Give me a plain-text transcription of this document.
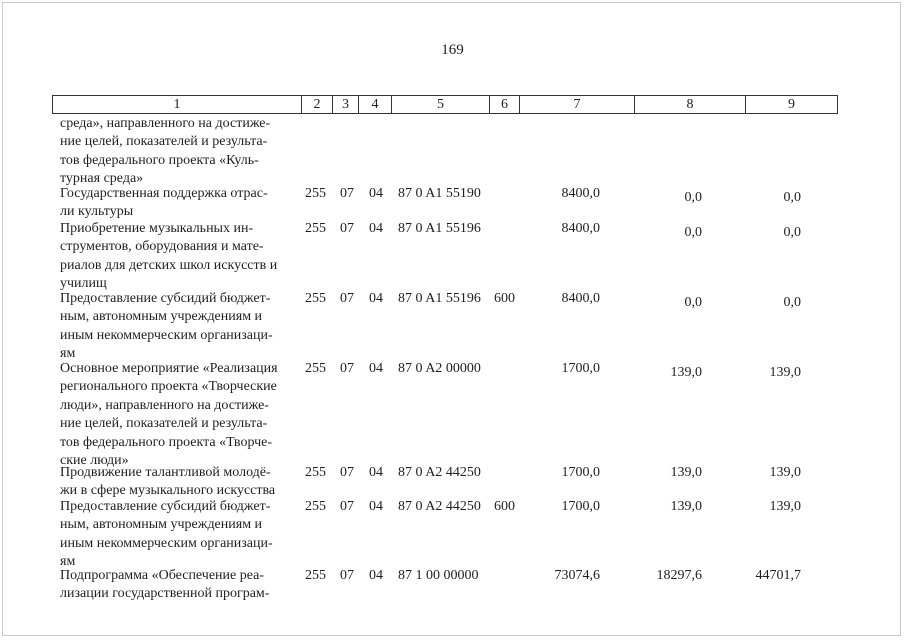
169
1	2	3	4	5	6	7	8	9
среда», направленного на достиже-
ние целей, показателей и результа-
тов федерального проекта «Куль-
турная среда»
Государственная поддержка отрас-
ли культуры
255 07 04 87 0 A1 55190	8400,0	0,0	0,0
Приобретение музыкальных ин-
струментов, оборудования и мате-
риалов для детских школ искусств и
училищ
255 07 04 87 0 A1 55196	8400,0	0,0	0,0
Предоставление субсидий бюджет-
ным, автономным учреждениям и
иным некоммерческим организаци-
ям
255 07 04 87 0 A1 55196 600	8400,0	0,0	0,0
Основное мероприятие «Реализация
регионального проекта «Творческие
люди», направленного на достиже-
ние целей, показателей и результа-
тов федерального проекта «Творче-
ские люди»
255 07 04 87 0 A2 00000	1700,0	139,0	139,0
Продвижение талантливой молодё-
жи в сфере музыкального искусства
255 07 04 87 0 A2 44250	1700,0	139,0	139,0
Предоставление субсидий бюджет-
ным, автономным учреждениям и
иным некоммерческим организаци-
ям
255 07 04 87 0 A2 44250 600	1700,0	139,0	139,0
Подпрограмма «Обеспечение реа-
лизации государственной програм-
255 07 04 87 1 00 00000	73074,6	18297,6	44701,7
